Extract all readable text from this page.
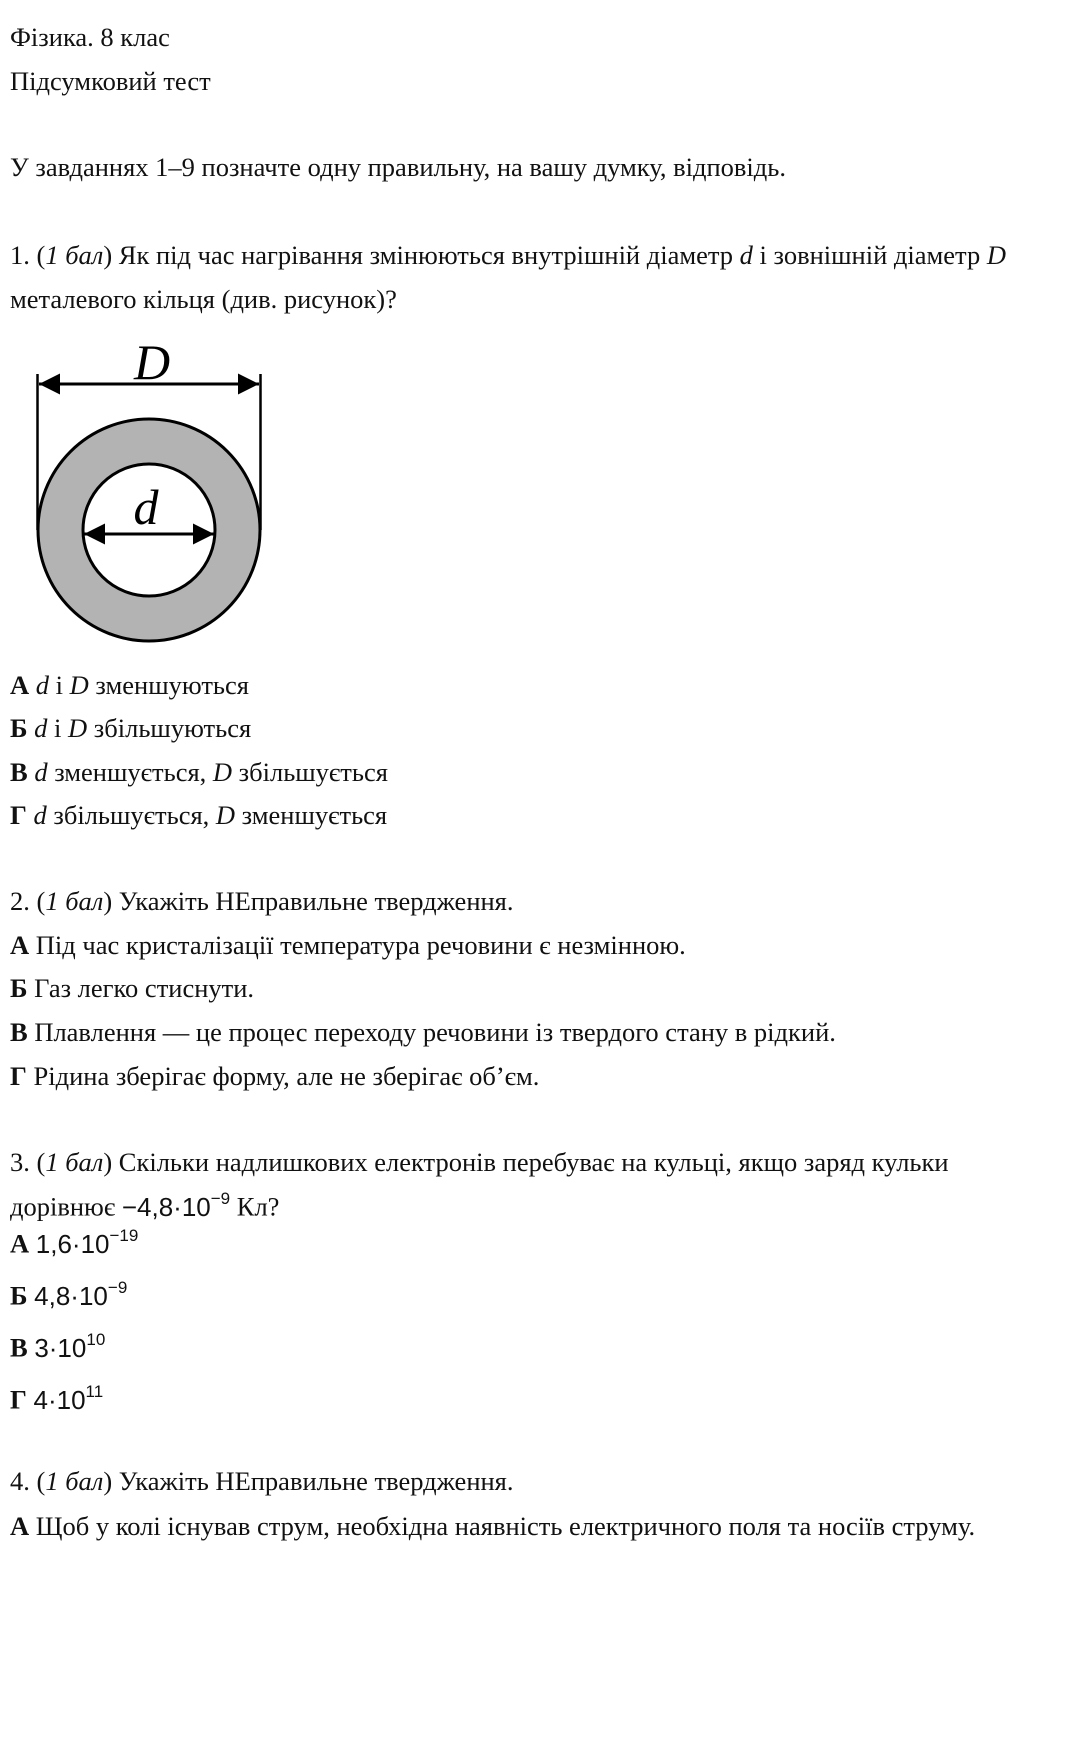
Фізика. 8 клас
Підсумковий тест
У завданнях 1–9 позначте одну правильну, на вашу думку, відповідь.
1. (1 бал) Як під час нагрівання змінюються внутрішній діаметр d і зовнішній діаметр D
металевого кільця (див. рисунок)?
D
d
А d і D зменшуються
Б d і D збільшуються
В d зменшується, D збільшується
Г d збільшується, D зменшується
2. (1 бал) Укажіть НЕправильне твердження.
А Під час кристалізації температура речовини є незмінною.
Б Газ легко стиснути.
В Плавлення — це процес переходу речовини із твердого стану в рідкий.
Г Рідина зберігає форму, але не зберігає об’єм.
3. (1 бал) Скільки надлишкових електронів перебуває на кульці, якщо заряд кульки
дорівнює $-4,8\cdot 10^{-9}$ Кл?
А $1,6\cdot 10^{-19}$
Б $4,8\cdot 10^{-9}$
В $3\cdot 10^{10}$
Г $4\cdot 10^{11}$
4. (1 бал) Укажіть НЕправильне твердження.
А Щоб у колі існував струм, необхідна наявність електричного поля та носіїв струму.
